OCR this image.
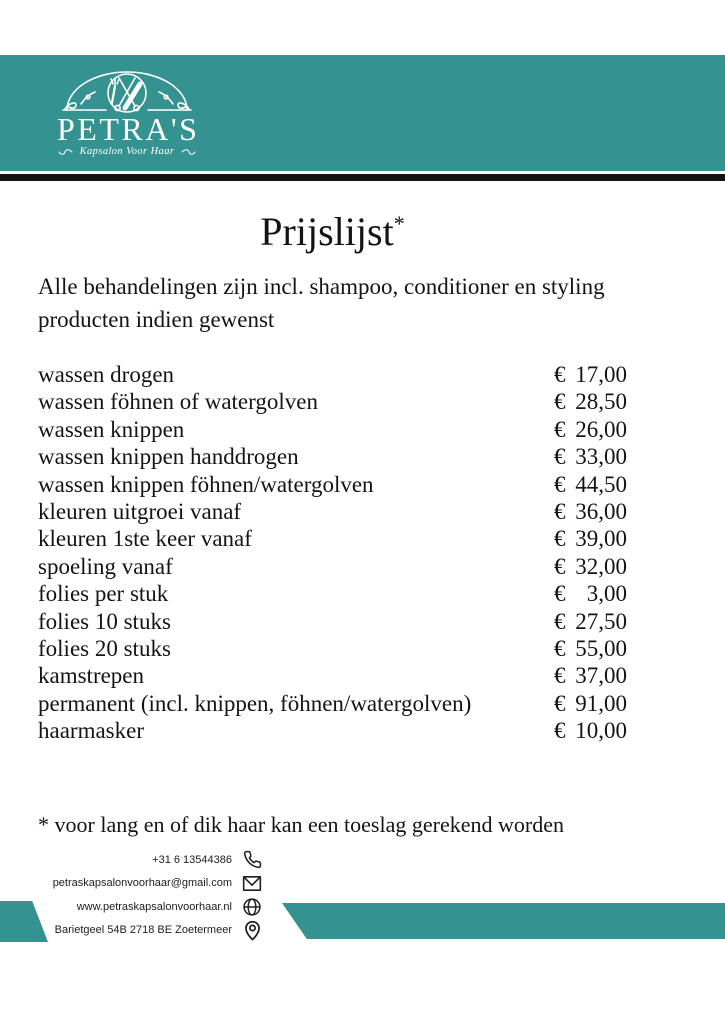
PETRA'S
Kapsalon Voor Haar
Prijslijst*

Alle behandelingen zijn incl. shampoo, conditioner en styling producten indien gewenst

wassen drogen	€ 17,00
wassen föhnen of watergolven	€ 28,50
wassen knippen	€ 26,00
wassen knippen handdrogen	€ 33,00
wassen knippen föhnen/watergolven	€ 44,50
kleuren uitgroei vanaf	€ 36,00
kleuren 1ste keer vanaf	€ 39,00
spoeling vanaf	€ 32,00
folies per stuk	€ 3,00
folies 10 stuks	€ 27,50
folies 20 stuks	€ 55,00
kamstrepen	€ 37,00
permanent (incl. knippen, föhnen/watergolven)	€ 91,00
haarmasker	€ 10,00

* voor lang en of dik haar kan een toeslag gerekend worden

+31 6 13544386
petraskapsalonvoorhaar@gmail.com
www.petraskapsalonvoorhaar.nl
Barietgeel 54B 2718 BE Zoetermeer
